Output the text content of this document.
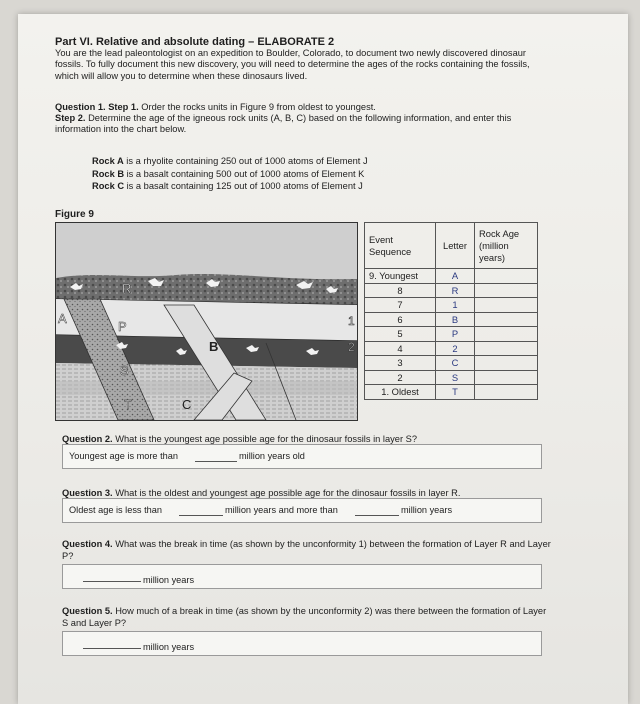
Part VI. Relative and absolute dating – ELABORATE 2
You are the lead paleontologist on an expedition to Boulder, Colorado, to document two newly discovered dinosaur fossils. To fully document this new discovery, you will need to determine the ages of the rocks containing the fossils, which will allow you to determine when these dinosaurs lived.
Question 1. Step 1. Order the rocks units in Figure 9 from oldest to youngest.
Step 2. Determine the age of the igneous rock units (A, B, C) based on the following information, and enter this information into the chart below.
Rock A is a rhyolite containing 250 out of 1000 atoms of Element J
Rock B is a basalt containing 500 out of 1000 atoms of Element K
Rock C is a basalt containing 125 out of 1000 atoms of Element J
Figure 9
R
A
P
B
S
T	C
1
2
Event Sequence	Letter	Rock Age (million years)
9. Youngest	A	
8	R	
7	1	
6	B	
5	P	
4	2	
3	C	
2	S	
1. Oldest	T	
Question 2. What is the youngest age possible age for the dinosaur fossils in layer S?
Youngest age is more than
	million years old
Question 3. What is the oldest and youngest age possible age for the dinosaur fossils in layer R.
Oldest age is less than
	million years and more than
	million years
Question 4. What was the break in time (as shown by the unconformity 1) between the formation of Layer R and Layer P?

million years
Question 5. How much of a break in time (as shown by the unconformity 2) was there between the formation of Layer S and Layer P?

million years
